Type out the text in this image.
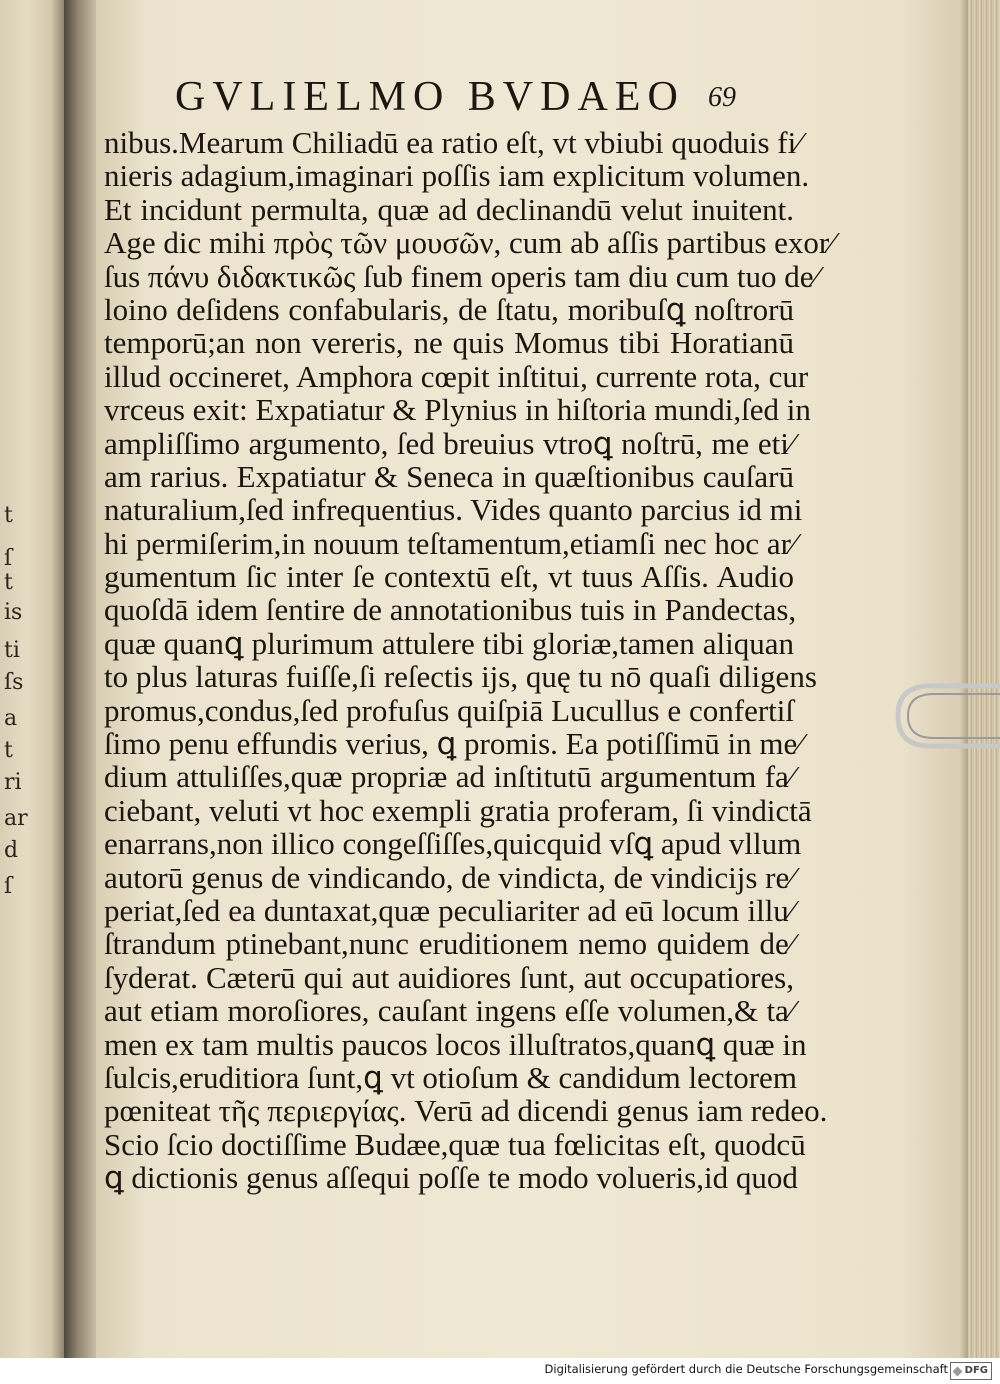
t
ſ
t
is
ti
ſs
a
t
ri
ar
d
ſ
GVLIELMO BVDAEO 69
nibus.Mearum Chiliadū ea ratio eſt, vt vbiubi quoduis fi⁄
nieris adagium,imaginari poſſis iam explicitum volumen.
Et incidunt permulta, quæ ad declinandū velut inuitent.
Age dic mihi πρὸς τῶν μουσῶν, cum ab aſſis partibus exor⁄
ſus πάνυ διδακτικῶς ſub finem operis tam diu cum tuo de⁄
loino deſidens confabularis, de ſtatu, moribuſꝗ noſtrorū
temporū;an non vereris, ne quis Momus tibi Horatianū
illud occineret, Amphora cœpit inſtitui, currente rota, cur
vrceus exit: Expatiatur & Plynius in hiſtoria mundi,ſed in
ampliſſimo argumento, ſed breuius vtroꝗ noſtrū, me eti⁄
am rarius. Expatiatur & Seneca in quæſtionibus cauſarū
naturalium,ſed infrequentius. Vides quanto parcius id mi
hi permiſerim,in nouum teſtamentum,etiamſi nec hoc ar⁄
gumentum ſic inter ſe contextū eſt, vt tuus Aſſis. Audio
quoſdā idem ſentire de annotationibus tuis in Pandectas,
quæ quanꝗ plurimum attulere tibi gloriæ,tamen aliquan
to plus laturas fuiſſe,ſi reſectis ijs, quę tu nō quaſi diligens
promus,condus,ſed profuſus quiſpiā Lucullus e confertiſ
ſimo penu effundis verius, ꝗ promis. Ea potiſſimū in me⁄
dium attuliſſes,quæ propriæ ad inſtitutū argumentum fa⁄
ciebant, veluti vt hoc exempli gratia proferam, ſi vindictā
enarrans,non illico congeſſiſſes,quicquid vſꝗ apud vllum
autorū genus de vindicando, de vindicta, de vindicijs re⁄
periat,ſed ea duntaxat,quæ peculiariter ad eū locum illu⁄
ſtrandum ptinebant,nunc eruditionem nemo quidem de⁄
ſyderat. Cæterū qui aut auidiores ſunt, aut occupatiores,
aut etiam moroſiores, cauſant ingens eſſe volumen,& ta⁄
men ex tam multis paucos locos illuſtratos,quanꝗ quæ in
ſulcis,eruditiora ſunt,ꝗ vt otioſum & candidum lectorem
pœniteat τῆς περιεργίας. Verū ad dicendi genus iam redeo.
Scio ſcio doctiſſime Budæe,quæ tua fœlicitas eſt, quodcū
ꝗ dictionis genus aſſequi poſſe te modo volueris,id quod
Digitalisierung gefördert durch die Deutsche Forschungsgemeinschaft DFG
